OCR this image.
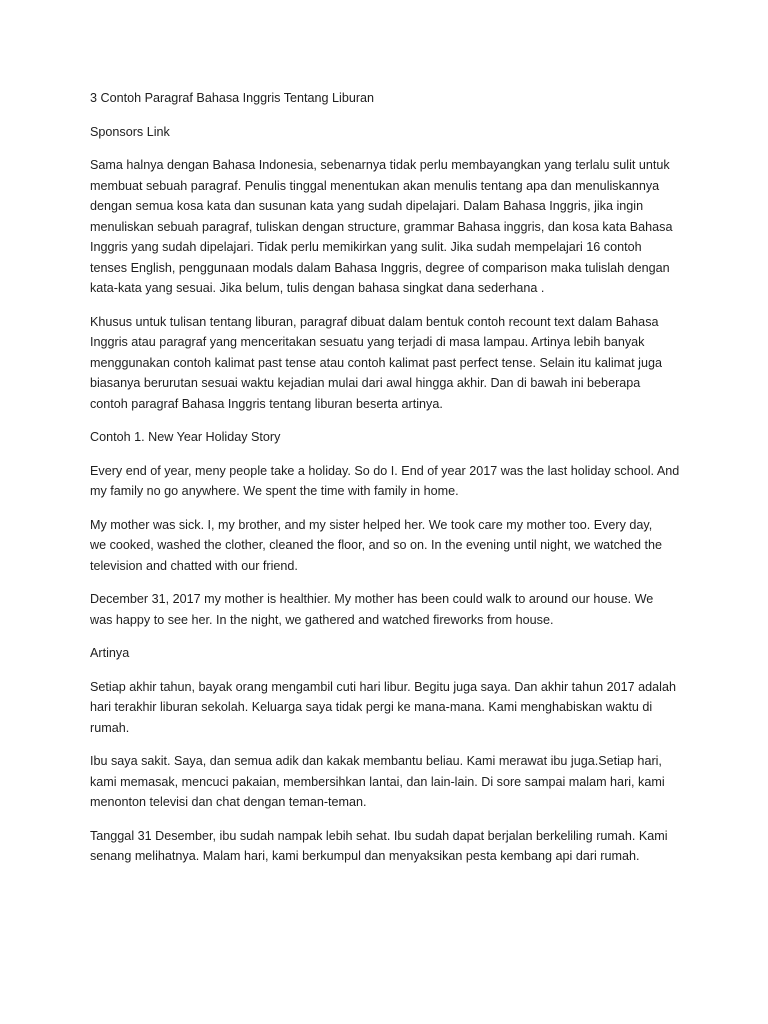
3 Contoh Paragraf Bahasa Inggris Tentang Liburan

Sponsors Link

Sama halnya dengan Bahasa Indonesia, sebenarnya tidak perlu membayangkan yang terlalu sulit untuk
membuat sebuah paragraf. Penulis tinggal menentukan akan menulis tentang apa dan menuliskannya
dengan semua kosa kata dan susunan kata yang sudah dipelajari. Dalam Bahasa Inggris, jika ingin
menuliskan sebuah paragraf, tuliskan dengan structure, grammar Bahasa inggris, dan kosa kata Bahasa
Inggris yang sudah dipelajari. Tidak perlu memikirkan yang sulit. Jika sudah mempelajari 16 contoh
tenses English, penggunaan modals dalam Bahasa Inggris, degree of comparison maka tulislah dengan
kata-kata yang sesuai. Jika belum, tulis dengan bahasa singkat dana sederhana .

Khusus untuk tulisan tentang liburan, paragraf dibuat dalam bentuk contoh recount text dalam Bahasa
Inggris atau paragraf yang menceritakan sesuatu yang terjadi di masa lampau. Artinya lebih banyak
menggunakan contoh kalimat past tense atau contoh kalimat past perfect tense. Selain itu kalimat juga
biasanya berurutan sesuai waktu kejadian mulai dari awal hingga akhir. Dan di bawah ini beberapa
contoh paragraf Bahasa Inggris tentang liburan beserta artinya.

Contoh 1. New Year Holiday Story

Every end of year, meny people take a holiday. So do I. End of year 2017 was the last holiday school. And
my family no go anywhere. We spent the time with family in home.

My mother was sick. I, my brother, and my sister helped her. We took care my mother too. Every day,
we cooked, washed the clother, cleaned the floor, and so on. In the evening until night, we watched the
television and chatted with our friend.

December 31, 2017 my mother is healthier. My mother has been could walk to around our house. We
was happy to see her. In the night, we gathered and watched fireworks from house.

Artinya

Setiap akhir tahun, bayak orang mengambil cuti hari libur. Begitu juga saya. Dan akhir tahun 2017 adalah
hari terakhir liburan sekolah. Keluarga saya tidak pergi ke mana-mana. Kami menghabiskan waktu di
rumah.

Ibu saya sakit. Saya, dan semua adik dan kakak membantu beliau. Kami merawat ibu juga.Setiap hari,
kami memasak, mencuci pakaian, membersihkan lantai, dan lain-lain. Di sore sampai malam hari, kami
menonton televisi dan chat dengan teman-teman.

Tanggal 31 Desember, ibu sudah nampak lebih sehat. Ibu sudah dapat berjalan berkeliling rumah. Kami
senang melihatnya. Malam hari, kami berkumpul dan menyaksikan pesta kembang api dari rumah.
